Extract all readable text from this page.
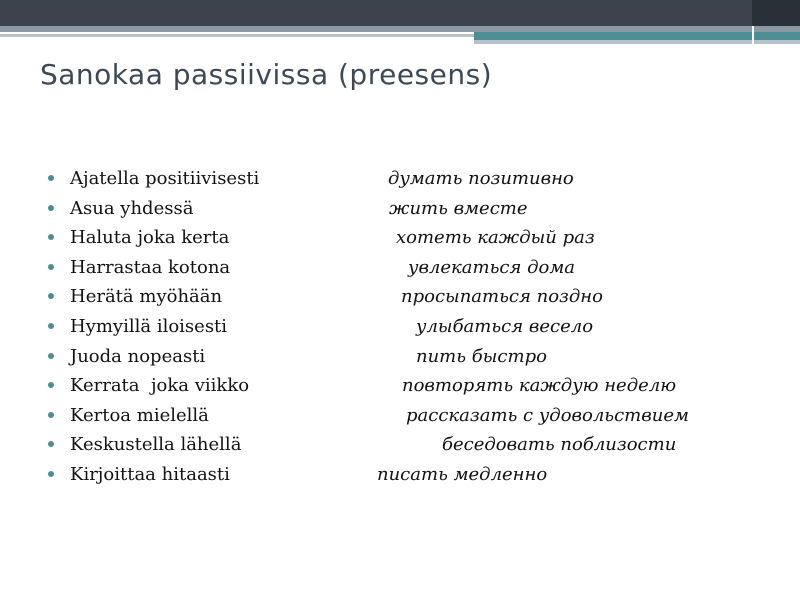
Sanokaa passiivissa (preesens)
Ajatella positiivisesti	думать позитивно
Asua yhdessä	жить вместе
Haluta joka kerta	хотеть каждый раз
Harrastaa kotona	увлекаться дома
Herätä myöhään	просыпаться поздно
Hymyillä iloisesti	улыбаться весело
Juoda nopeasti	пить быстро
Kerrata  joka viikko	повторять каждую неделю
Kertoa mielellä	рассказать с удовольствием
Keskustella lähellä	беседовать поблизости
Kirjoittaa hitaasti	писать медленно
